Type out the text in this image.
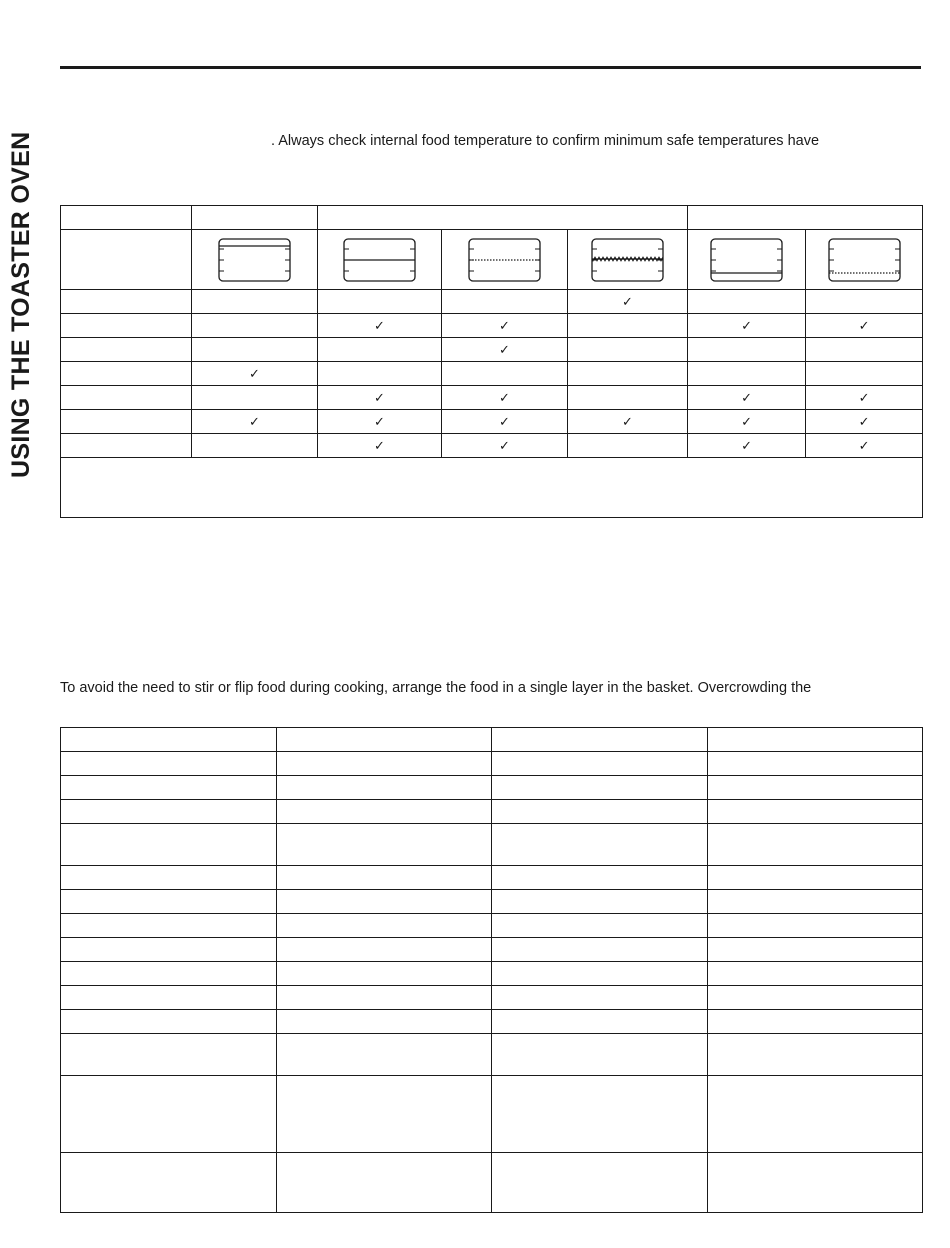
USING THE TOASTER OVEN	. Always check internal food temperature to confirm minimum safe temperatures have

				✓		
		✓	✓		✓	✓
			✓			
	✓					
		✓	✓		✓	✓
	✓	✓	✓	✓	✓	✓
		✓	✓		✓	✓

To avoid the need to stir or flip food during cooking, arrange the food in a single layer in the basket. Overcrowding the
